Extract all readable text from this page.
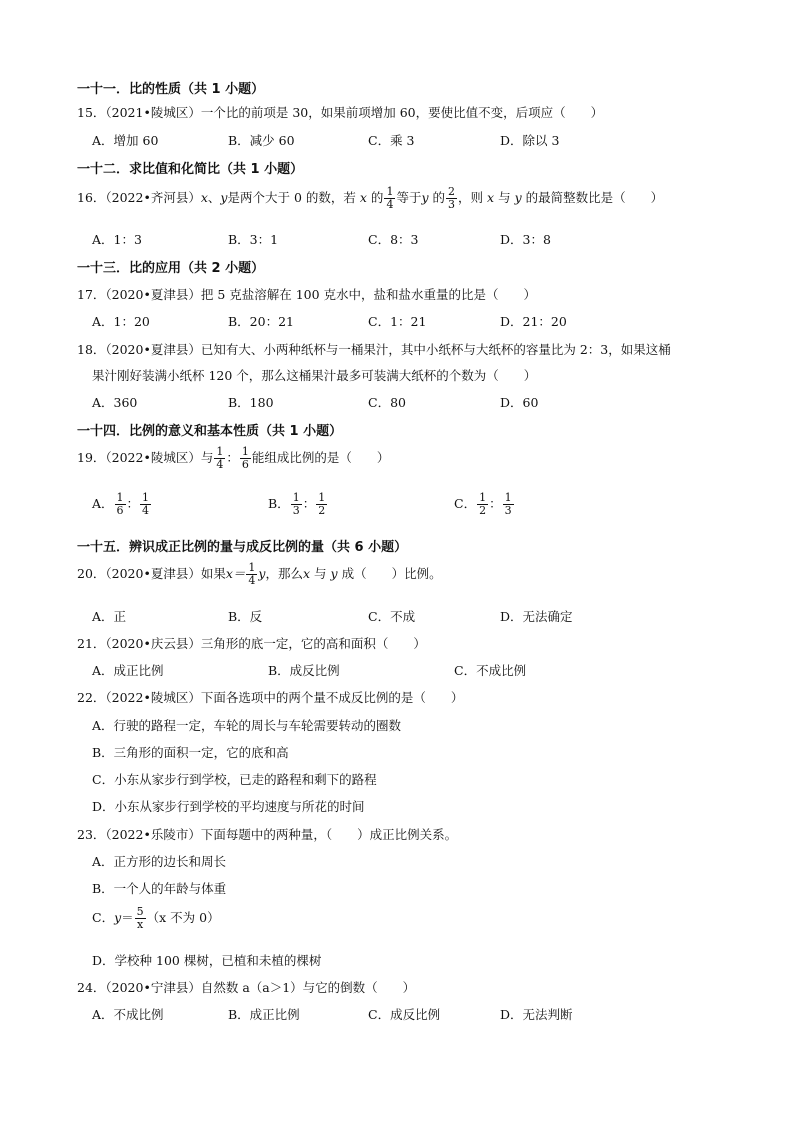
一十一．比的性质（共 1 小题）
15．（2021•陵城区）一个比的前项是 30，如果前项增加 60，要使比值不变，后项应（　　）
A．增加 60	B．减少 60	C．乘 3	D．除以 3
一十二．求比值和化简比（共 1 小题）
16．（2022•齐河县）x、y是两个大于 0 的数，若 x 的 $\frac{1}{4}$ 等于y 的 $\frac{2}{3}$ ，则 x 与 y 的最简整数比是（　　）
A．1：3	B．3：1	C．8：3	D．3：8
一十三．比的应用（共 2 小题）
17．（2020•夏津县）把 5 克盐溶解在 100 克水中，盐和盐水重量的比是（　　）
A．1：20	B．20：21	C．1：21	D．21：20
18．（2020•夏津县）已知有大、小两种纸杯与一桶果汁，其中小纸杯与大纸杯的容量比为 2：3，如果这桶
果汁刚好装满小纸杯 120 个，那么这桶果汁最多可装满大纸杯的个数为（　　）
A．360	B．180	C．80	D．60
一十四．比例的意义和基本性质（共 1 小题）
19．（2022•陵城区）与 $\frac{1}{4}$ ： $\frac{1}{6}$ 能组成比例的是（　　）
A． $\frac{1}{6}$ ： $\frac{1}{4}$	B． $\frac{1}{3}$ ： $\frac{1}{2}$	C． $\frac{1}{2}$ ： $\frac{1}{3}$
一十五．辨识成正比例的量与成反比例的量（共 6 小题）
20．（2020•夏津县）如果$x= \frac{1}{4}$ y，那么x 与 y 成（　　）比例。
A．正	B．反	C．不成	D．无法确定
21．（2020•庆云县）三角形的底一定，它的高和面积（　　）
A．成正比例	B．成反比例	C．不成比例
22．（2022•陵城区）下面各选项中的两个量不成反比例的是（　　）
A．行驶的路程一定，车轮的周长与车轮需要转动的圈数
B．三角形的面积一定，它的底和高
C．小东从家步行到学校，已走的路程和剩下的路程
D．小东从家步行到学校的平均速度与所花的时间
23．（2022•乐陵市）下面每题中的两种量，（　　）成正比例关系。
A．正方形的边长和周长
B．一个人的年龄与体重
C．$y= \frac{5}{x} (x$ 不为 0）
D．学校种 100 棵树，已植和未植的棵树
24．（2020•宁津县）自然数 a（a＞1）与它的倒数（　　）
A．不成比例	B．成正比例	C．成反比例	D．无法判断
